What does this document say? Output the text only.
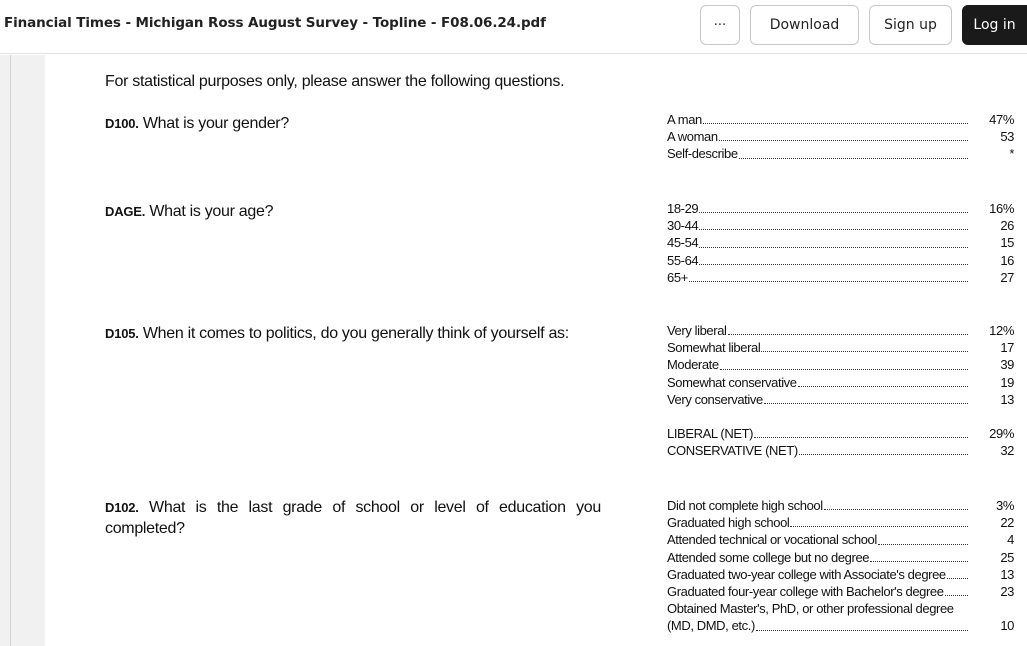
Financial Times - Michigan Ross August Survey - Topline - F08.06.24.pdf	···	Download	Sign up	Log in
For statistical purposes only, please answer the following questions.
D100. What is your gender?	A man	47%
A woman	53
Self-describe	*
DAGE. What is your age?	18-29	16%
30-44	26
45-54	15
55-64	16
65+	27
D105. When it comes to politics, do you generally think of yourself as:	Very liberal	12%
Somewhat liberal	17
Moderate	39
Somewhat conservative	19
Very conservative	13
LIBERAL (NET)	29%
CONSERVATIVE (NET)	32
D102. What is the last grade of school or level of education you completed?
Did not complete high school	3%
Graduated high school	22
Attended technical or vocational school	4
Attended some college but no degree	25
Graduated two-year college with Associate's degree	13
Graduated four-year college with Bachelor's degree	23
Obtained Master's, PhD, or other professional degree
(MD, DMD, etc.)	10
